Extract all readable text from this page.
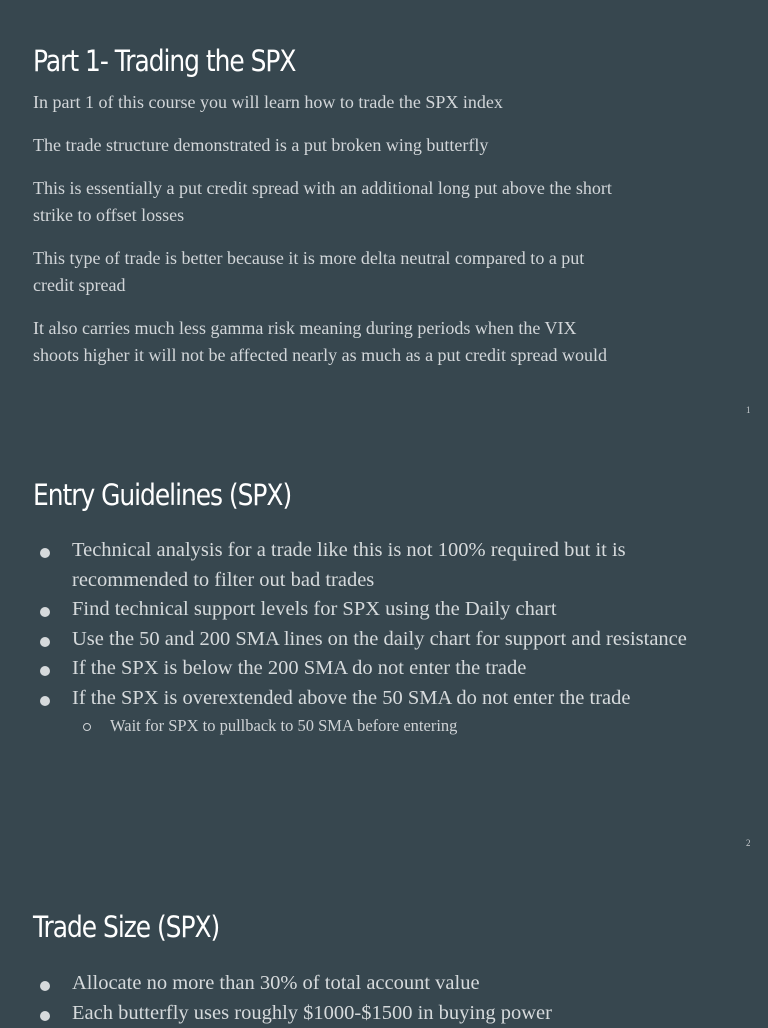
Part 1- Trading the SPX

In part 1 of this course you will learn how to trade the SPX index

The trade structure demonstrated is a put broken wing butterfly

This is essentially a put credit spread with an additional long put above the short strike to offset losses

This type of trade is better because it is more delta neutral compared to a put credit spread

It also carries much less gamma risk meaning during periods when the VIX shoots higher it will not be affected nearly as much as a put credit spread would

1
Entry Guidelines (SPX)
Technical analysis for a trade like this is not 100% required but it is recommended to filter out bad trades
Find technical support levels for SPX using the Daily chart
Use the 50 and 200 SMA lines on the daily chart for support and resistance
If the SPX is below the 200 SMA do not enter the trade
If the SPX is overextended above the 50 SMA do not enter the trade
Wait for SPX to pullback to 50 SMA before entering
2
Trade Size (SPX)
Allocate no more than 30% of total account value
Each butterfly uses roughly $1000-$1500 in buying power
